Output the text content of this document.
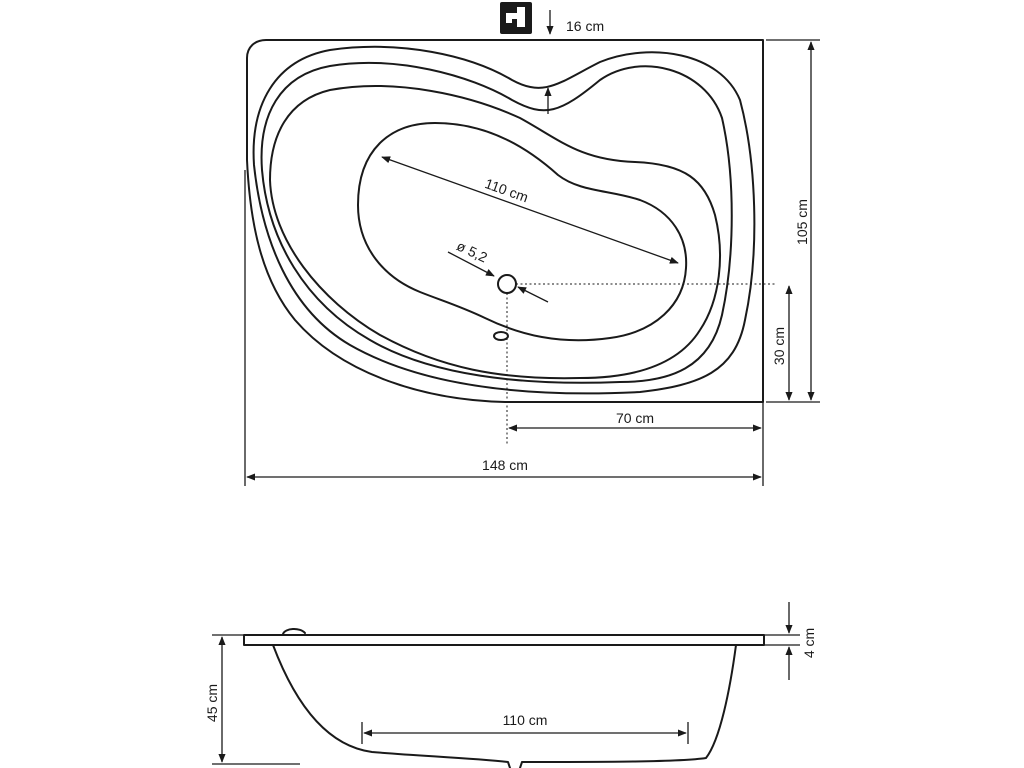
110 cm
ø 5,2
16 cm
105 cm
30 cm
70 cm
148 cm
110 cm
45 cm
4 cm
